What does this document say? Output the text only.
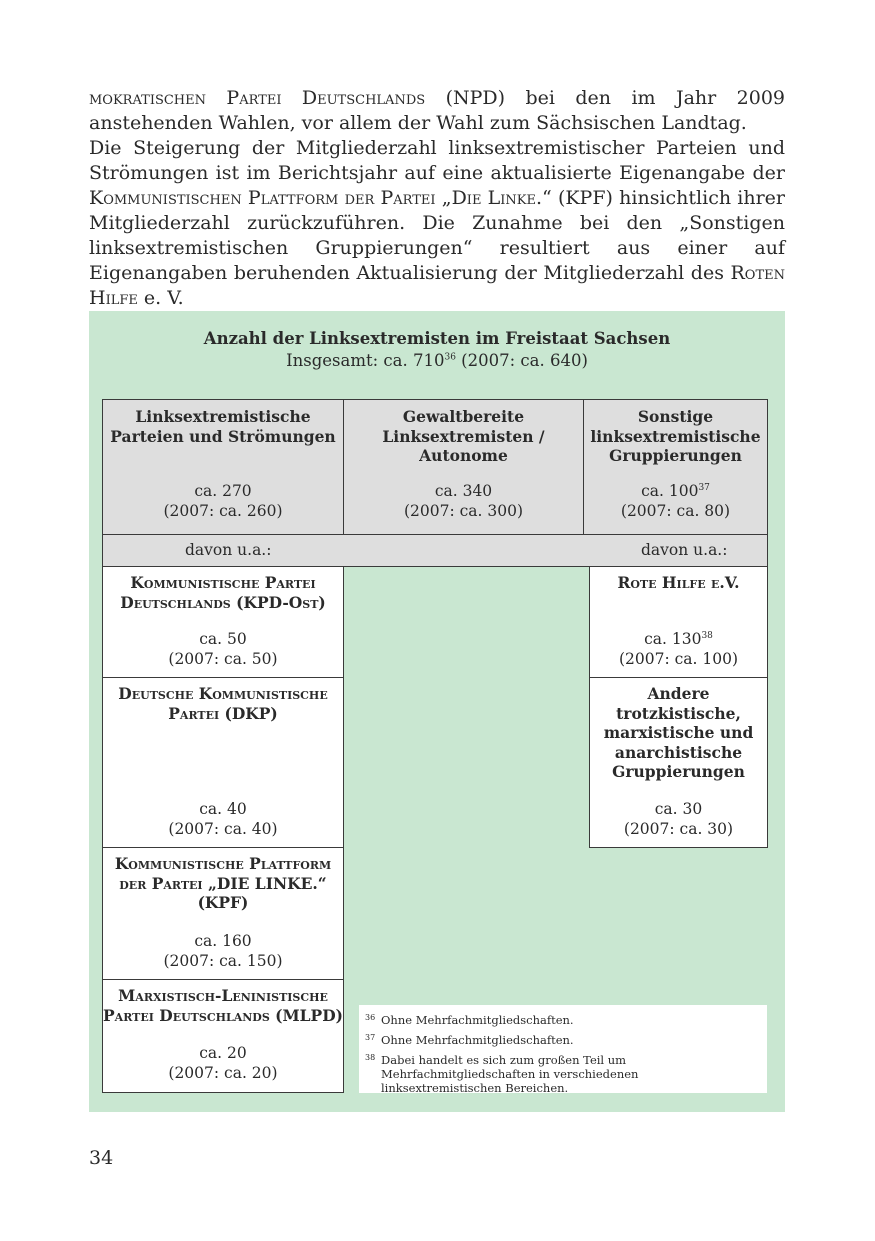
mokratischen Partei Deutschlands (NPD) bei den im Jahr 2009 anstehenden Wahlen, vor allem der Wahl zum Sächsischen Landtag.

Die Steigerung der Mitgliederzahl linksextremistischer Parteien und Strömungen ist im Berichtsjahr auf eine aktualisierte Eigenangabe der Kommunistischen Plattform der Partei „Die Linke.“ (KPF) hinsichtlich ihrer Mitgliederzahl zurückzuführen. Die Zunahme bei den „Sonstigen linksextremistischen Gruppierungen“ resultiert aus einer auf Eigenangaben beruhenden Aktualisierung der Mitgliederzahl des Roten Hilfe e. V.

Anzahl der Linksextremisten im Freistaat Sachsen
Insgesamt: ca. $710^{36}$ (2007: ca. 640)
Linksextremistische
Parteien und Strömungen
ca. 270
(2007: ca. 260)
Gewaltbereite
Linksextremisten /
Autonome
ca. 340
(2007: ca. 300)
Sonstige
linksextremistische
Gruppierungen
ca. $100^{37}$
(2007: ca. 80)
davon u.a.:	davon u.a.:
Kommunistische Partei
Deutschlands (KPD-Ost)
ca. 50
(2007: ca. 50)
Deutsche Kommunistische
Partei (DKP)
ca. 40
(2007: ca. 40)
Kommunistische Plattform
der Partei „DIE LINKE.“
(KPF)
ca. 160
(2007: ca. 150)
Marxistisch-Leninistische
Partei Deutschlands (MLPD)
ca. 20
(2007: ca. 20)
Rote Hilfe e.V.
ca. $130^{38}$
(2007: ca. 100)
Andere
trotzkistische,
marxistische und
anarchistische
Gruppierungen
ca. 30
(2007: ca. 30)
36 Ohne Mehrfachmitgliedschaften.
37 Ohne Mehrfachmitgliedschaften.
38 Dabei handelt es sich zum großen Teil um Mehrfachmitgliedschaften in verschiedenen linksextremistischen Bereichen.
34
